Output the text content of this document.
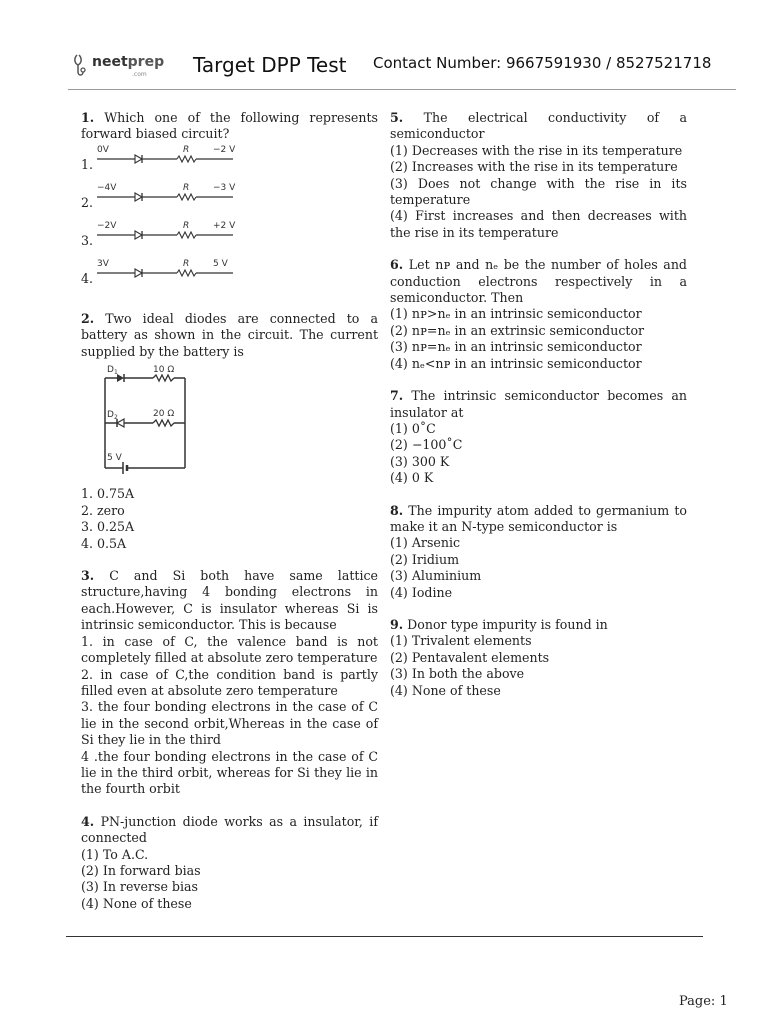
neetprep
.com Target DPP Test Contact Number: 9667591930 / 8527521718

1. Which one of the following represents forward biased circuit?

1.
0V	R	−2 V
2.
−4V	R	−3 V
3.
−2V	R	+2 V
4.
3V	R	5 V

2. Two ideal diodes are connected to a battery as shown in the circuit. The current supplied by the battery is

D 1	10 Ω
D 2	20 Ω
5 V
1. 0.75A
2. zero
3. 0.25A
4. 0.5A

3. C and Si both have same lattice structure,having 4 bonding electrons in each.However, C is insulator whereas Si is intrinsic semiconductor. This is because

1. in case of C, the valence band is not completely filled at absolute zero temperature
2. in case of C,the condition band is partly filled even at absolute zero temperature
3. the four bonding electrons in the case of C lie in the second orbit,Whereas in the case of Si they lie in the third
4 .the four bonding electrons in the case of C lie in the third orbit, whereas for Si they lie in the fourth orbit

4. PN-junction diode works as a insulator, if connected

(1) To A.C.
(2) In forward bias
(3) In reverse bias
(4) None of these

5. The electrical conductivity of a semiconductor

(1) Decreases with the rise in its temperature
(2) Increases with the rise in its temperature
(3) Does not change with the rise in its temperature
(4) First increases and then decreases with the rise in its temperature

6. Let nᴘ and nₑ be the number of holes and conduction electrons respectively in a semiconductor. Then

(1) nᴘ>nₑ in an intrinsic semiconductor
(2) nᴘ=nₑ in an extrinsic semiconductor
(3) nᴘ=nₑ in an intrinsic semiconductor
(4) nₑ<nᴘ in an intrinsic semiconductor

7. The intrinsic semiconductor becomes an insulator at

(1) 0˚C
(2) −100˚C
(3) 300 K
(4) 0 K

8. The impurity atom added to germanium to make it an N-type semiconductor is

(1) Arsenic
(2) Iridium
(3) Aluminium
(4) Iodine

9. Donor type impurity is found in

(1) Trivalent elements
(2) Pentavalent elements
(3) In both the above
(4) None of these
Page: 1
